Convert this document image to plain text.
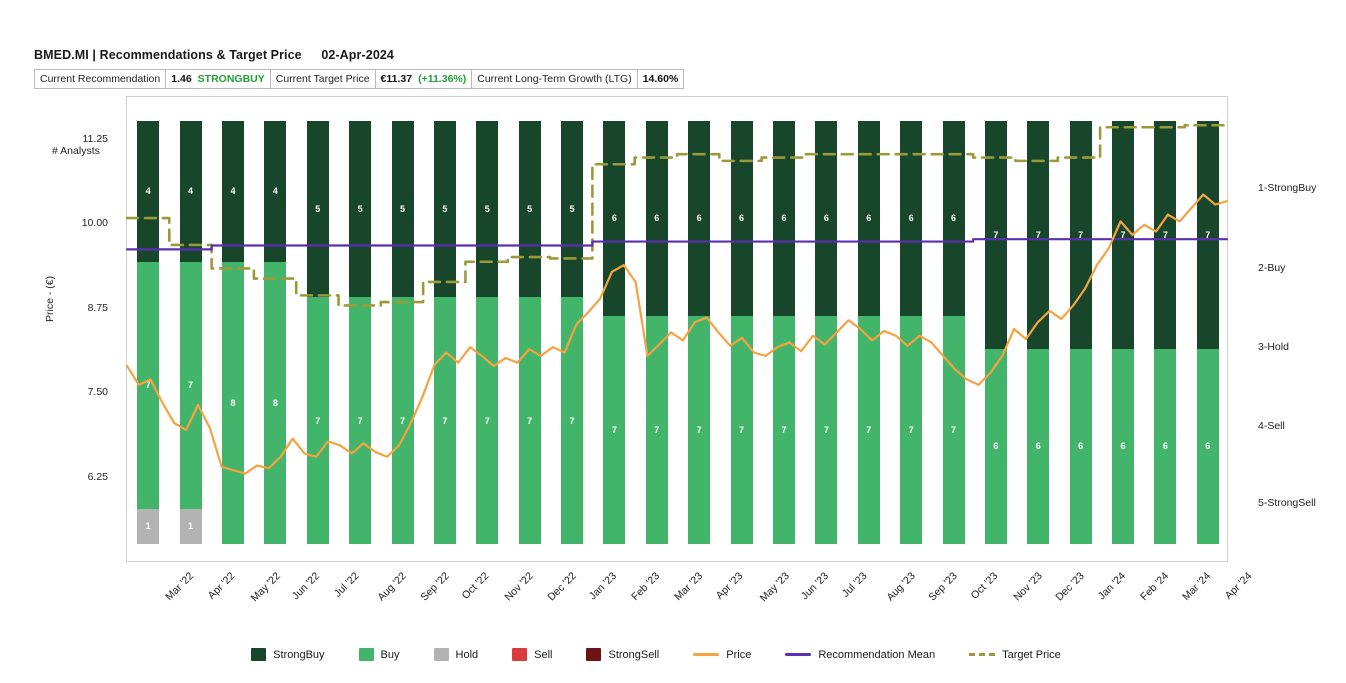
BMED.MI | Recommendations & Target Price 02-Apr-2024
Current Recommendation 1.46 STRONGBUY Current Target Price €11.37 (+11.36%) Current Long-Term Growth (LTG) 14.60%
Price - (€)
# Analysts
11.25
10.00
8.75
7.50
6.25
1-StrongBuy
2-Buy
3-Hold
4-Sell
5-StrongSell
Mar '22 Apr '22 May '22 Jun '22 Jul '22 Aug '22 Sep '22 Oct '22 Nov '22 Dec '22 Jan '23 Feb '23 Mar '23 Apr '23 May '23 Jun '23 Jul '23 Aug '23 Sep '23 Oct '23 Nov '23 Dec '23 Jan '24 Feb '24 Mar '24 Apr '24
4
7
1
4
7
1
4
8
4
8
5
7
5
7
5
7
5
7
5
7
5
7
5
7
6
7
6
7
6
7
6
7
6
7
6
7
6
7
6
7
6
7
7
6
7
6
7
6
7
6
7
6
7
6
StrongBuy	Buy	Hold	Sell	StrongSell	Price	Recommendation Mean	Target Price
